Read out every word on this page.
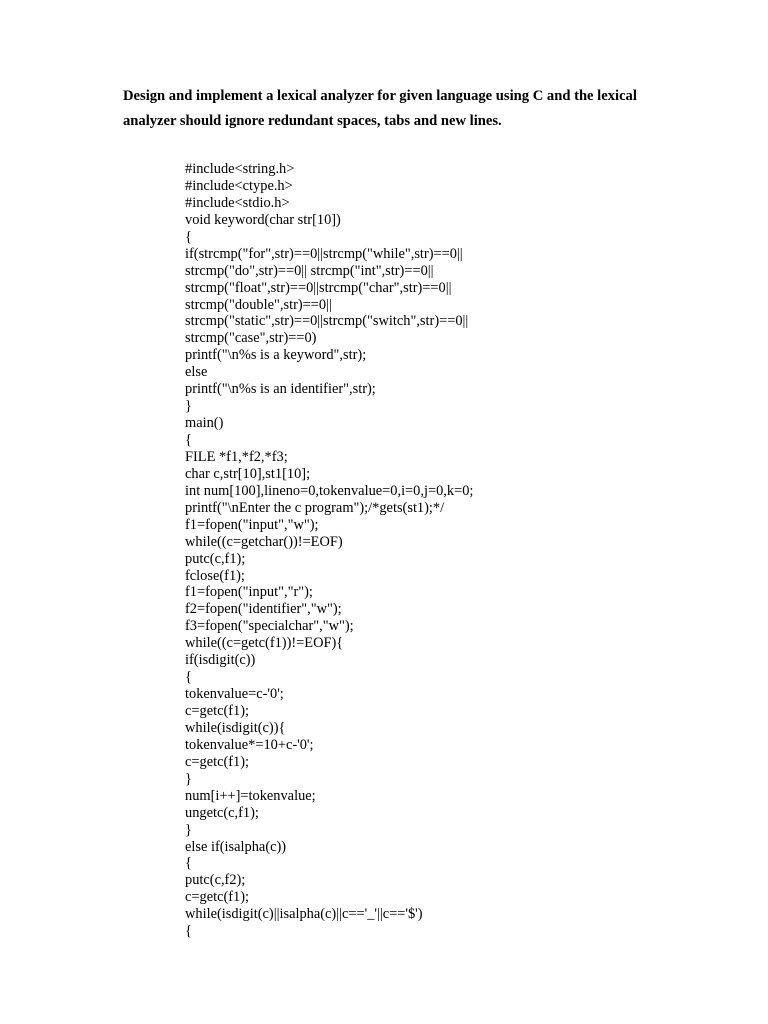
Design and implement a lexical analyzer for given language using C and the lexical
analyzer should ignore redundant spaces, tabs and new lines.
#include<string.h>
#include<ctype.h>
#include<stdio.h>
void keyword(char str[10])
{
if(strcmp("for",str)==0||strcmp("while",str)==0||
strcmp("do",str)==0|| strcmp("int",str)==0||
strcmp("float",str)==0||strcmp("char",str)==0||
strcmp("double",str)==0||
strcmp("static",str)==0||strcmp("switch",str)==0||
strcmp("case",str)==0)
printf("\n%s is a keyword",str);
else
printf("\n%s is an identifier",str);
}
main()
{
FILE *f1,*f2,*f3;
char c,str[10],st1[10];
int num[100],lineno=0,tokenvalue=0,i=0,j=0,k=0;
printf("\nEnter the c program");/*gets(st1);*/
f1=fopen("input","w");
while((c=getchar())!=EOF)
putc(c,f1);
fclose(f1);
f1=fopen("input","r");
f2=fopen("identifier","w");
f3=fopen("specialchar","w");
while((c=getc(f1))!=EOF){
if(isdigit(c))
{
tokenvalue=c-'0';
c=getc(f1);
while(isdigit(c)){
tokenvalue*=10+c-'0';
c=getc(f1);
}
num[i++]=tokenvalue;
ungetc(c,f1);
}
else if(isalpha(c))
{
putc(c,f2);
c=getc(f1);
while(isdigit(c)||isalpha(c)||c=='_'||c=='$')
{
